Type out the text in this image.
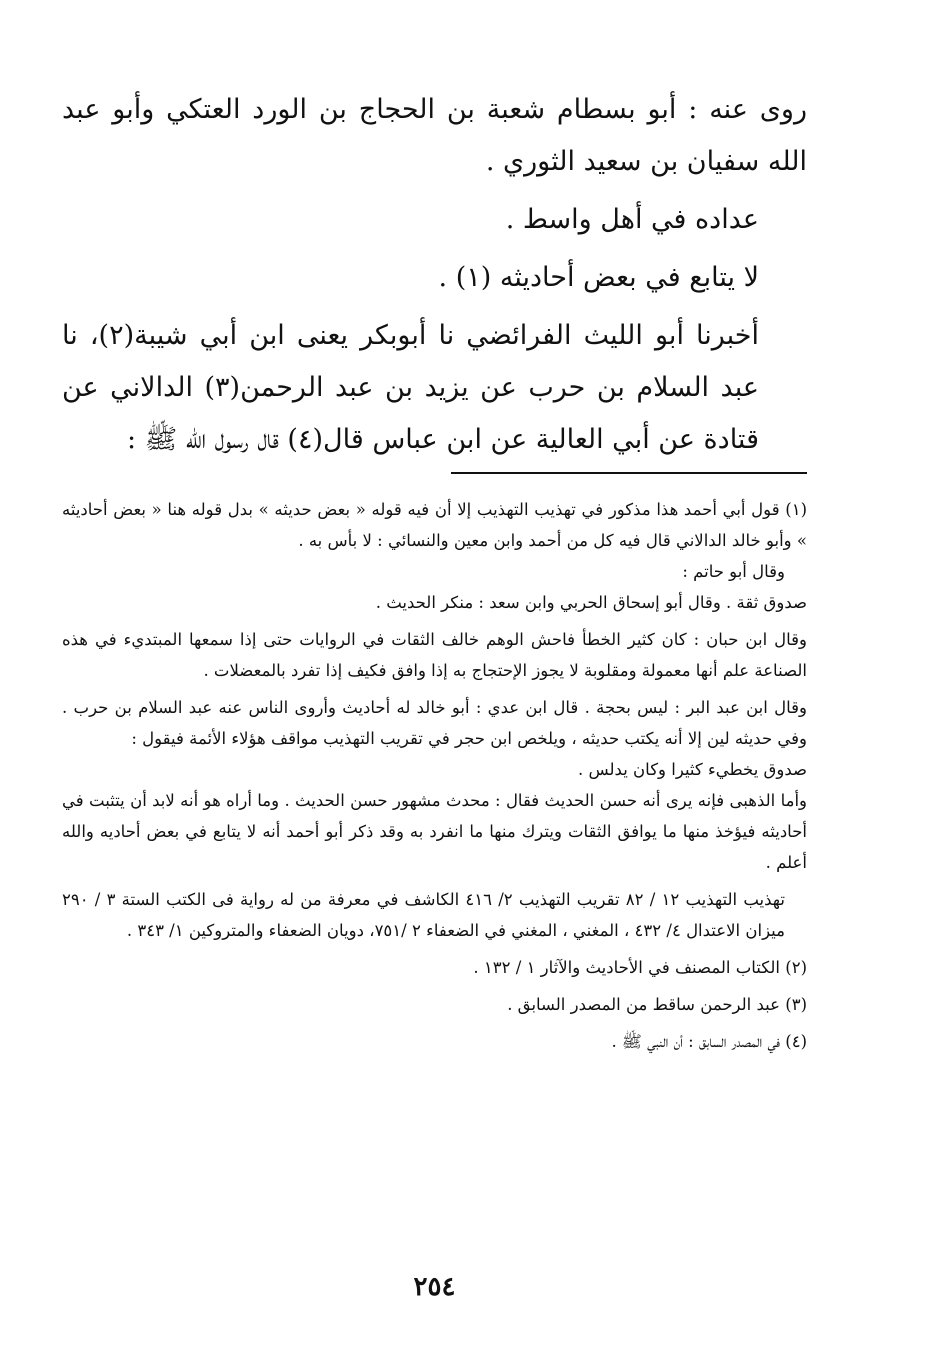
روى عنه : أبو بسطام شعبة بن الحجاج بن الورد العتكي وأبو عبد الله سفيان بن سعيد الثوري .

عداده في أهل واسط .

لا يتابع في بعض أحاديثه (١) .

أخبرنا أبو الليث الفرائضي نا أبوبكر يعنى ابن أبي شيبة(٢)، نا عبد السلام بن حرب عن يزيد بن عبد الرحمن(٣) الدالاني عن قتادة عن أبي العالية عن ابن عباس قال(٤) قال رسول الله ﷺ :

(١) قول أبي أحمد هذا مذكور في تهذيب التهذيب إلا أن فيه قوله « بعض حديثه » بدل قوله هنا « بعض أحاديثه » وأبو خالد الدالاني قال فيه كل من أحمد وابن معين والنسائي : لا بأس به .

وقال أبو حاتم :

صدوق ثقة . وقال أبو إسحاق الحربي وابن سعد : منكر الحديث .

وقال ابن حبان : كان كثير الخطأ فاحش الوهم خالف الثقات في الروايات حتى إذا سمعها المبتديء في هذه الصناعة علم أنها معمولة ومقلوبة لا يجوز الإحتجاج به إذا وافق فكيف إذا تفرد بالمعضلات .

وقال ابن عبد البر : ليس بحجة . قال ابن عدي : أبو خالد له أحاديث وأروى الناس عنه عبد السلام بن حرب . وفي حديثه لين إلا أنه يكتب حديثه ، ويلخص ابن حجر في تقريب التهذيب مواقف هؤلاء الأئمة فيقول :

صدوق يخطيء كثيرا وكان يدلس .

وأما الذهبى فإنه يرى أنه حسن الحديث فقال : محدث مشهور حسن الحديث . وما أراه هو أنه لابد أن يتثبت في أحاديثه فيؤخذ منها ما يوافق الثقات ويترك منها ما انفرد به وقد ذكر أبو أحمد أنه لا يتابع في بعض أحاديه والله أعلم .

تهذيب التهذيب ١٢ / ٨٢ تقريب التهذيب ٢/ ٤١٦ الكاشف في معرفة من له رواية فى الكتب الستة ٣ / ٢٩٠ ميزان الاعتدال ٤/ ٤٣٢ ، المغني ، المغني في الضعفاء ٢ /٧٥١، دويان الضعفاء والمتروكين ١/ ٣٤٣ .

(٢) الكتاب المصنف في الأحاديث والآثار ١ / ١٣٢ .

(٣) عبد الرحمن ساقط من المصدر السابق .

(٤) في المصدر السابق : أن النبي ﷺ .

٢٥٤
